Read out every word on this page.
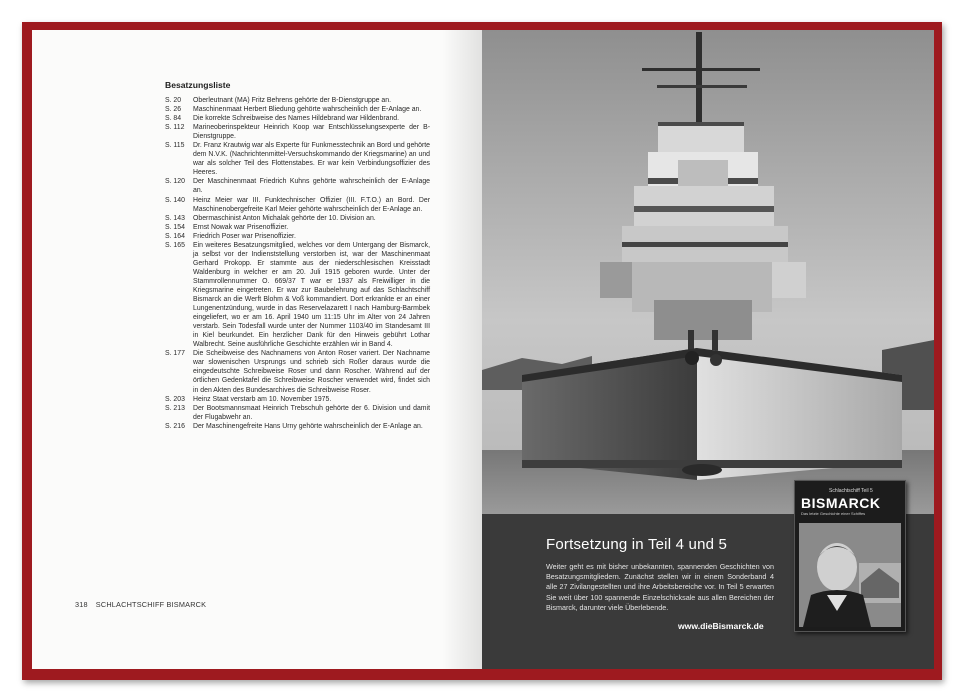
Besatzungsliste
S. 20	Oberleutnant (MA) Fritz Behrens gehörte der B-Dienstgruppe an.
S. 26	Maschinenmaat Herbert Bliedung gehörte wahrscheinlich der E-Anlage an.
S. 84	Die korrekte Schreibweise des Names Hildebrand war Hildenbrand.
S. 112	Marineoberinspekteur Heinrich Koop war Entschlüsselungsexperte der B-Dienstgruppe.
S. 115	Dr. Franz Krautwig war als Experte für Funkmesstechnik an Bord und gehörte dem N.V.K. (Nachrichtenmittel-Versuchskommando der Kriegsmarine) an und war als solcher Teil des Flottenstabes. Er war kein Verbindungsoffizier des Heeres.
S. 120	Der Maschinenmaat Friedrich Kuhns gehörte wahrscheinlich der E-Anlage an.
S. 140	Heinz Meier war III. Funktechnischer Offizier (III. F.T.O.) an Bord. Der Maschinenobergefreite Karl Meier gehörte wahrscheinlich der E-Anlage an.
S. 143	Obermaschinist Anton Michalak gehörte der 10. Division an.
S. 154	Ernst Nowak war Prisenoffizier.
S. 164	Friedrich Poser war Prisenoffizier.
S. 165	Ein weiteres Besatzungsmitglied, welches vor dem Untergang der Bismarck, ja selbst vor der Indienststellung verstorben ist, war der Maschinenmaat Gerhard Prokopp. Er stammte aus der niederschlesischen Kreisstadt Waldenburg in welcher er am 20. Juli 1915 geboren wurde. Unter der Stammrollennummer O. 669/37 T war er 1937 als Freiwilliger in die Kriegsmarine eingetreten. Er war zur Baubelehrung auf das Schlachtschiff Bismarck an die Werft Blohm & Voß kommandiert. Dort erkrankte er an einer Lungenentzündung, wurde in das Reservelazarett I nach Hamburg-Barmbek eingeliefert, wo er am 16. April 1940 um 11:15 Uhr im Alter von 24 Jahren verstarb. Sein Todesfall wurde unter der Nummer 1103/40 im Standesamt III in Kiel beurkundet. Ein herzlicher Dank für den Hinweis gebührt Lothar Walbrecht. Seine ausführliche Geschichte erzählen wir in Band 4.
S. 177	Die Scheibweise des Nachnamens von Anton Roser variert. Der Nachname war slowenischen Ursprungs und schrieb sich Roßer daraus wurde die eingedeutschte Schreibweise Roser und dann Roscher. Während auf der örtlichen Gedenktafel die Schreibweise Roscher verwendet wird, findet sich in den Akten des Bundesarchives die Schreibweise Roser.
S. 203	Heinz Staat verstarb am 10. November 1975.
S. 213	Der Bootsmannsmaat Heinrich Trebschuh gehörte der 6. Division und damit der Flugabwehr an.
S. 216	Der Maschinengefreite Hans Urny gehörte wahrscheinlich der E-Anlage an.
318 SCHLACHTSCHIFF BISMARCK
Fortsetzung in Teil 4 und 5
Weiter geht es mit bisher unbekannten, spannenden Geschichten von Besatzungsmitgliedern. Zunächst stellen wir in einem Sonderband 4 alle 27 Zivilangestellten und ihre Arbeitsbereiche vor. In Teil 5 erwarten Sie weit über 100 spannende Einzelschicksale aus allen Bereichen der Bismarck, darunter viele Überlebende.
www.dieBismarck.de
Schlachtschiff Teil 5
BISMARCK
Das letzte Geschichte einer Schiffes
